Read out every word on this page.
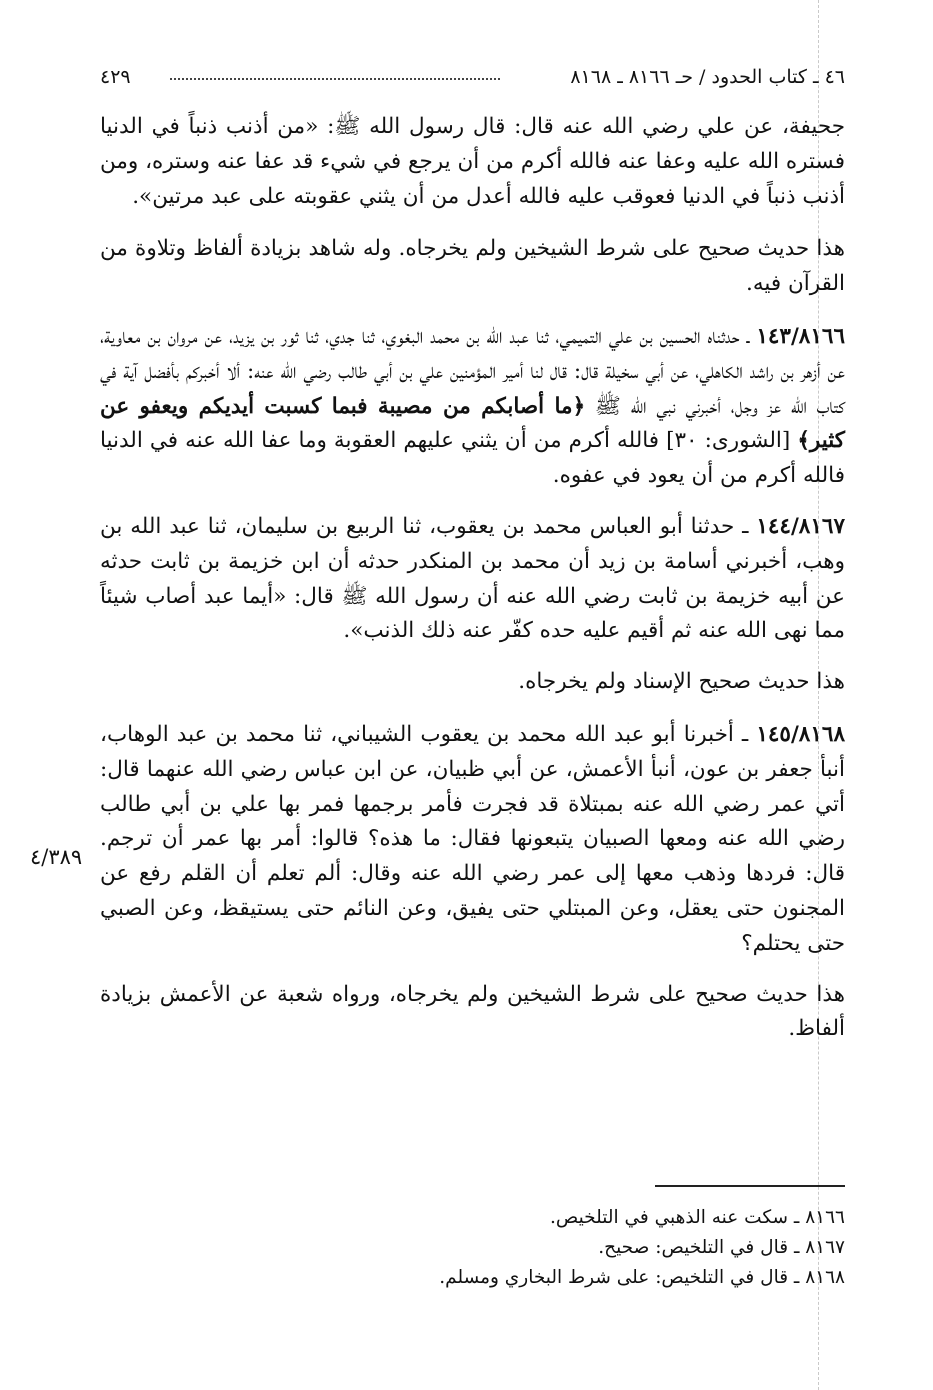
٤٦ ـ كتاب الحدود / حـ ٨١٦٦ ـ ٨١٦٨
٤٢٩

جحيفة، عن علي رضي الله عنه قال: قال رسول الله ﷺ: «من أذنب ذنباً في الدنيا فستره الله عليه وعفا عنه فالله أكرم من أن يرجع في شيء قد عفا عنه وستره، ومن أذنب ذنباً في الدنيا فعوقب عليه فالله أعدل من أن يثني عقوبته على عبد مرتين».

هذا حديث صحيح على شرط الشيخين ولم يخرجاه. وله شاهد بزيادة ألفاظ وتلاوة من القرآن فيه.

١٤٣/٨١٦٦ ـ حدثناه الحسين بن علي التميمي، ثنا عبد الله بن محمد البغوي، ثنا جدي، ثنا ثور بن يزيد، عن مروان بن معاوية، عن أزهر بن راشد الكاهلي، عن أبي سخيلة قال: قال لنا أمير المؤمنين علي بن أبي طالب رضي الله عنه: ألا أخبركم بأفضل آية في كتاب الله عز وجل، أخبرني نبي الله ﷺ ﴿ما أصابكم من مصيبة فبما كسبت أيديكم ويعفو عن كثير﴾ [الشورى: ٣٠] فالله أكرم من أن يثني عليهم العقوبة وما عفا الله عنه في الدنيا فالله أكرم من أن يعود في عفوه.

١٤٤/٨١٦٧ ـ حدثنا أبو العباس محمد بن يعقوب، ثنا الربيع بن سليمان، ثنا عبد الله بن وهب، أخبرني أسامة بن زيد أن محمد بن المنكدر حدثه أن ابن خزيمة بن ثابت حدثه عن أبيه خزيمة بن ثابت رضي الله عنه أن رسول الله ﷺ قال: «أيما عبد أصاب شيئاً مما نهى الله عنه ثم أقيم عليه حده كفّر عنه ذلك الذنب».

هذا حديث صحيح الإسناد ولم يخرجاه.

١٤٥/٨١٦٨ ـ أخبرنا أبو عبد الله محمد بن يعقوب الشيباني، ثنا محمد بن عبد الوهاب، أنبأ جعفر بن عون، أنبأ الأعمش، عن أبي ظبيان، عن ابن عباس رضي الله عنهما قال: أتي عمر رضي الله عنه بمبتلاة قد فجرت فأمر برجمها فمر بها علي بن أبي طالب رضي الله عنه ومعها الصبيان يتبعونها فقال: ما هذه؟ قالوا: أمر بها عمر أن ترجم. قال: فردها وذهب معها إلى عمر رضي الله عنه وقال: ألم تعلم أن القلم رفع عن المجنون حتى يعقل، وعن المبتلي حتى يفيق، وعن النائم حتى يستيقظ، وعن الصبي حتى يحتلم؟

هذا حديث صحيح على شرط الشيخين ولم يخرجاه، ورواه شعبة عن الأعمش بزيادة ألفاظ.

٤/٣٨٩

٨١٦٦ ـ سكت عنه الذهبي في التلخيص.

٨١٦٧ ـ قال في التلخيص: صحيح.

٨١٦٨ ـ قال في التلخيص: على شرط البخاري ومسلم.
